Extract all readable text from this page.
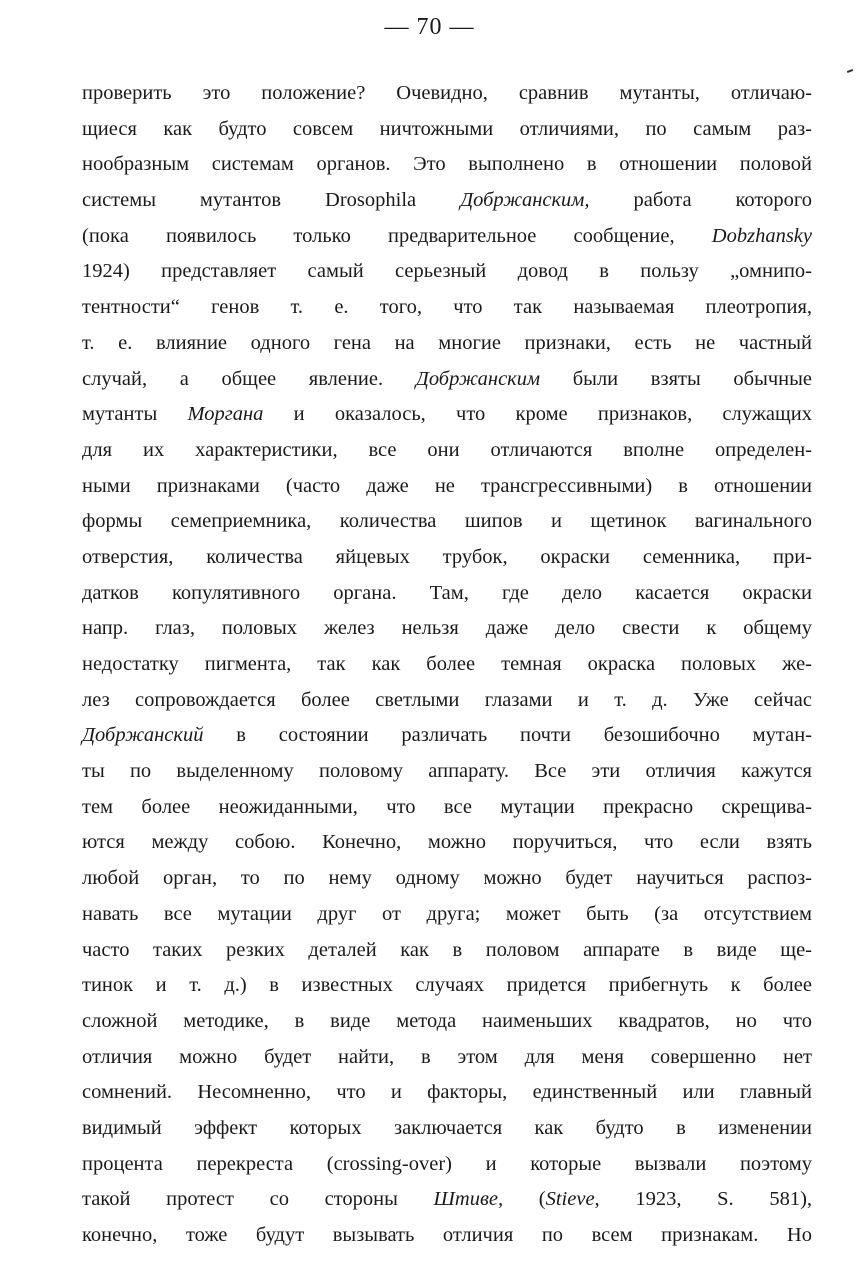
— 70 —
проверить это положение? Очевидно, сравнив мутанты, отличаю-
щиеся как будто совсем ничтожными отличиями, по самым раз-
нообразным системам органов. Это выполнено в отношении половой
системы мутантов Drosophila Добржанским, работа которого
(пока появилось только предварительное сообщение, Dobzhansky
1924) представляет самый серьезный довод в пользу „омнипо-
тентности“ генов т. е. того, что так называемая плеотропия,
т. е. влияние одного гена на многие признаки, есть не частный
случай, а общее явление. Добржанским были взяты обычные
мутанты Моргана и оказалось, что кроме признаков, служащих
для их характеристики, все они отличаются вполне определен-
ными признаками (часто даже не трансгрессивными) в отношении
формы семеприемника, количества шипов и щетинок вагинального
отверстия, количества яйцевых трубок, окраски семенника, при-
датков копулятивного органа. Там, где дело касается окраски
напр. глаз, половых желез нельзя даже дело свести к общему
недостатку пигмента, так как более темная окраска половых же-
лез сопровождается более светлыми глазами и т. д. Уже сейчас
Добржанский в состоянии различать почти безошибочно мутан-
ты по выделенному половому аппарату. Все эти отличия кажутся
тем более неожиданными, что все мутации прекрасно скрещива-
ются между собою. Конечно, можно поручиться, что если взять
любой орган, то по нему одному можно будет научиться распоз-
навать все мутации друг от друга; может быть (за отсутствием
часто таких резких деталей как в половом аппарате в виде ще-
тинок и т. д.) в известных случаях придется прибегнуть к более
сложной методике, в виде метода наименьших квадратов, но что
отличия можно будет найти, в этом для меня совершенно нет
сомнений. Несомненно, что и факторы, единственный или главный
видимый эффект которых заключается как будто в изменении
процента перекреста (crossing-over) и которые вызвали поэтому
такой протест со стороны Штиве, (Stieve, 1923, S. 581),
конечно, тоже будут вызывать отличия по всем признакам. Но
